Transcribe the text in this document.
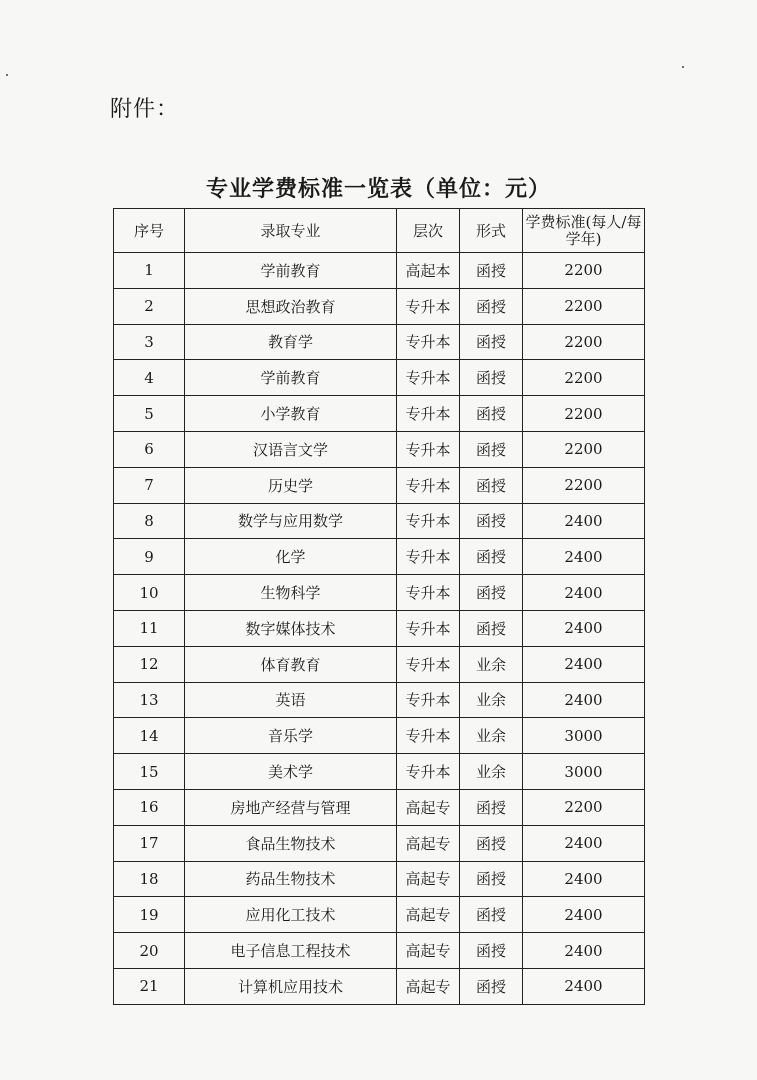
附件：
专业学费标准一览表（单位：元）
序号	录取专业	层次	形式	学费标准(每人/每学年)
1	学前教育	高起本	函授	2200
2	思想政治教育	专升本	函授	2200
3	教育学	专升本	函授	2200
4	学前教育	专升本	函授	2200
5	小学教育	专升本	函授	2200
6	汉语言文学	专升本	函授	2200
7	历史学	专升本	函授	2200
8	数学与应用数学	专升本	函授	2400
9	化学	专升本	函授	2400
10	生物科学	专升本	函授	2400
11	数字媒体技术	专升本	函授	2400
12	体育教育	专升本	业余	2400
13	英语	专升本	业余	2400
14	音乐学	专升本	业余	3000
15	美术学	专升本	业余	3000
16	房地产经营与管理	高起专	函授	2200
17	食品生物技术	高起专	函授	2400
18	药品生物技术	高起专	函授	2400
19	应用化工技术	高起专	函授	2400
20	电子信息工程技术	高起专	函授	2400
21	计算机应用技术	高起专	函授	2400
